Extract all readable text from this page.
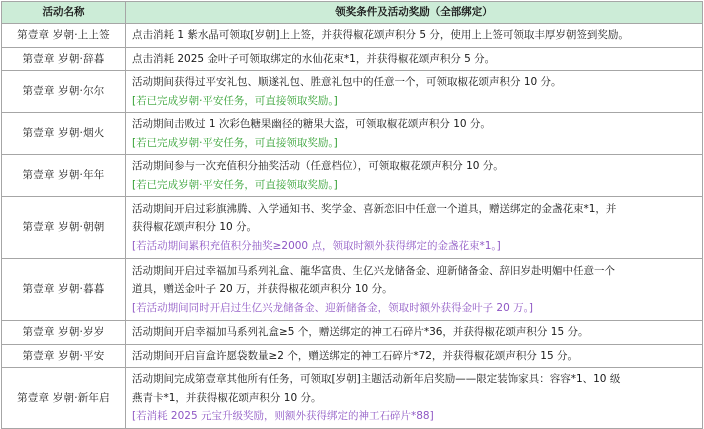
活动名称	领奖条件及活动奖励（全部绑定）
第壹章 岁朝·上上签	点击消耗 1 紫水晶可领取[岁朝]上上签，并获得椒花颂声积分 5 分，使用上上签可领取丰厚岁朝签到奖励。

第壹章 岁朝·辞暮	点击消耗 2025 金叶子可领取绑定的水仙花束*1，并获得椒花颂声积分 5 分。

第壹章 岁朝·尔尔	活动期间获得过平安礼包、顺遂礼包、胜意礼包中的任意一个，可领取椒花颂声积分 10 分。
[若已完成岁朝·平安任务，可直接领取奖励。]

第壹章 岁朝·烟火	活动期间击败过 1 次彩色糖果幽径的糖果大盗，可领取椒花颂声积分 10 分。
[若已完成岁朝·平安任务，可直接领取奖励。]

第壹章 岁朝·年年	活动期间参与一次充值积分抽奖活动（任意档位），可领取椒花颂声积分 10 分。
[若已完成岁朝·平安任务，可直接领取奖励。]

第壹章 岁朝·朝朝	活动期间开启过彩旗沸腾、入学通知书、奖学金、喜新恋旧中任意一个道具，赠送绑定的金盏花束*1，并
获得椒花颂声积分 10 分。
[若活动期间累积充值积分抽奖≥2000 点，领取时额外获得绑定的金盏花束*1。]

第壹章 岁朝·暮暮	活动期间开启过幸福加马系列礼盒、龍华富贵、生亿兴龙储备金、迎新储备金、辞旧岁赴明媚中任意一个
道具，赠送金叶子 20 万，并获得椒花颂声积分 10 分。
[若活动期间同时开启过生亿兴龙储备金、迎新储备金，领取时额外获得金叶子 20 万。]

第壹章 岁朝·岁岁	活动期间开启幸福加马系列礼盒≥5 个，赠送绑定的神工石碎片*36，并获得椒花颂声积分 15 分。

第壹章 岁朝·平安	活动期间开启盲盒许愿袋数量≥2 个，赠送绑定的神工石碎片*72，并获得椒花颂声积分 15 分。

第壹章 岁朝·新年启	活动期间完成第壹章其他所有任务，可领取[岁朝]主题活动新年启奖励——限定装饰家具：容容*1、10 级
燕青卡*1，并获得椒花颂声积分 10 分。
[若消耗 2025 元宝升级奖励，则额外获得绑定的神工石碎片*88]
